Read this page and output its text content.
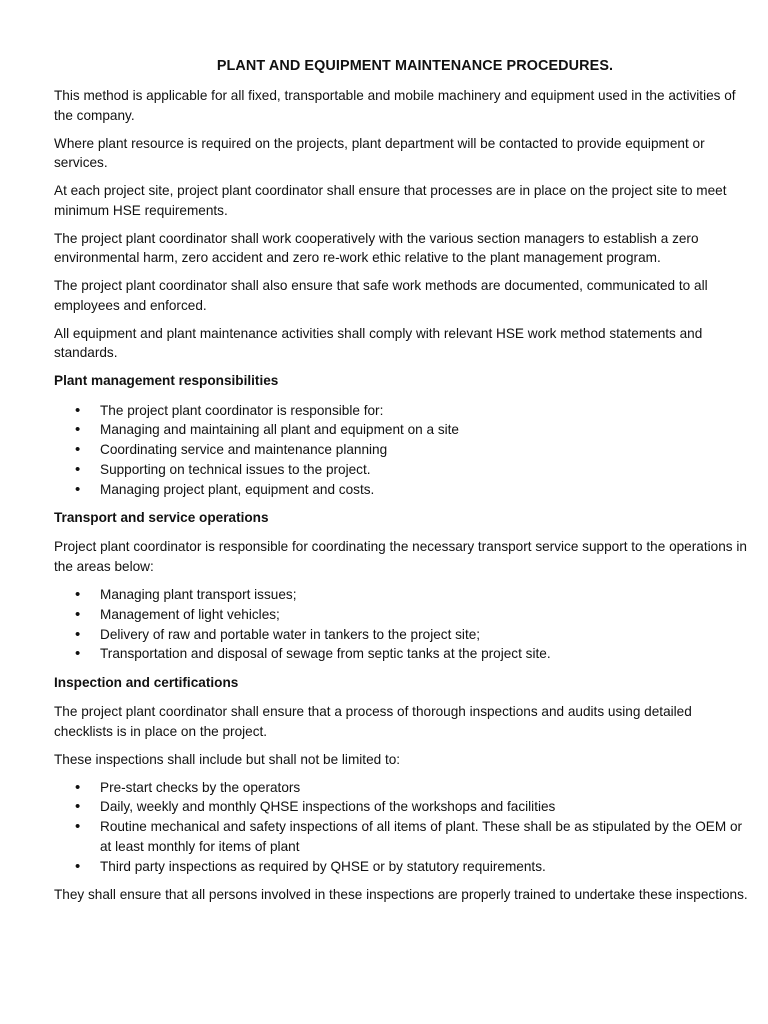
PLANT AND EQUIPMENT MAINTENANCE PROCEDURES.

This method is applicable for all fixed, transportable and mobile machinery and equipment used in the activities of the company.

Where plant resource is required on the projects, plant department will be contacted to provide equipment or services.

At each project site, project plant coordinator shall ensure that processes are in place on the project site to meet minimum HSE requirements.

The project plant coordinator shall work cooperatively with the various section managers to establish a zero environmental harm, zero accident and zero re-work ethic relative to the plant management program.

The project plant coordinator shall also ensure that safe work methods are documented, communicated to all employees and enforced.

All equipment and plant maintenance activities shall comply with relevant HSE work method statements and standards.

Plant management responsibilities
• The project plant coordinator is responsible for:
• Managing and maintaining all plant and equipment on a site
• Coordinating service and maintenance planning
• Supporting on technical issues to the project.
• Managing project plant, equipment and costs.
Transport and service operations

Project plant coordinator is responsible for coordinating the necessary transport service support to the operations in the areas below:

• Managing plant transport issues;
• Management of light vehicles;
• Delivery of raw and portable water in tankers to the project site;
• Transportation and disposal of sewage from septic tanks at the project site.
Inspection and certifications

The project plant coordinator shall ensure that a process of thorough inspections and audits using detailed checklists is in place on the project.

These inspections shall include but shall not be limited to:

• Pre-start checks by the operators
• Daily, weekly and monthly QHSE inspections of the workshops and facilities
• Routine mechanical and safety inspections of all items of plant. These shall be as stipulated by the OEM or at least monthly for items of plant
• Third party inspections as required by QHSE or by statutory requirements.

They shall ensure that all persons involved in these inspections are properly trained to undertake these inspections.
